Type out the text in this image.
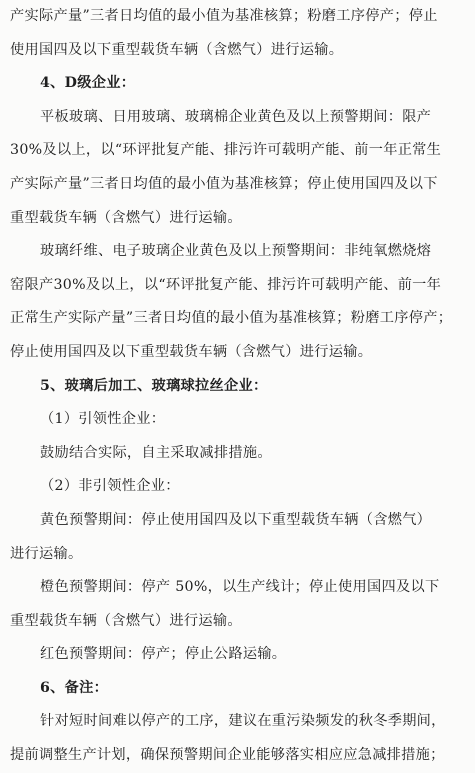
产实际产量”三者日均值的最小值为基准核算；粉磨工序停产；停止
使用国四及以下重型载货车辆（含燃气）进行运输。
4、D级企业：
平板玻璃、日用玻璃、玻璃棉企业黄色及以上预警期间：限产
30%及以上，以“环评批复产能、排污许可载明产能、前一年正常生
产实际产量”三者日均值的最小值为基准核算；停止使用国四及以下
重型载货车辆（含燃气）进行运输。
玻璃纤维、电子玻璃企业黄色及以上预警期间：非纯氧燃烧熔
窑限产30%及以上，以“环评批复产能、排污许可载明产能、前一年
正常生产实际产量”三者日均值的最小值为基准核算；粉磨工序停产；
停止使用国四及以下重型载货车辆（含燃气）进行运输。
5、玻璃后加工、玻璃球拉丝企业：
（1）引领性企业：
鼓励结合实际，自主采取减排措施。
（2）非引领性企业：
黄色预警期间：停止使用国四及以下重型载货车辆（含燃气）
进行运输。
橙色预警期间：停产 50%，以生产线计；停止使用国四及以下
重型载货车辆（含燃气）进行运输。
红色预警期间：停产；停止公路运输。
6、备注：
针对短时间难以停产的工序，建议在重污染频发的秋冬季期间，
提前调整生产计划，确保预警期间企业能够落实相应应急减排措施；
